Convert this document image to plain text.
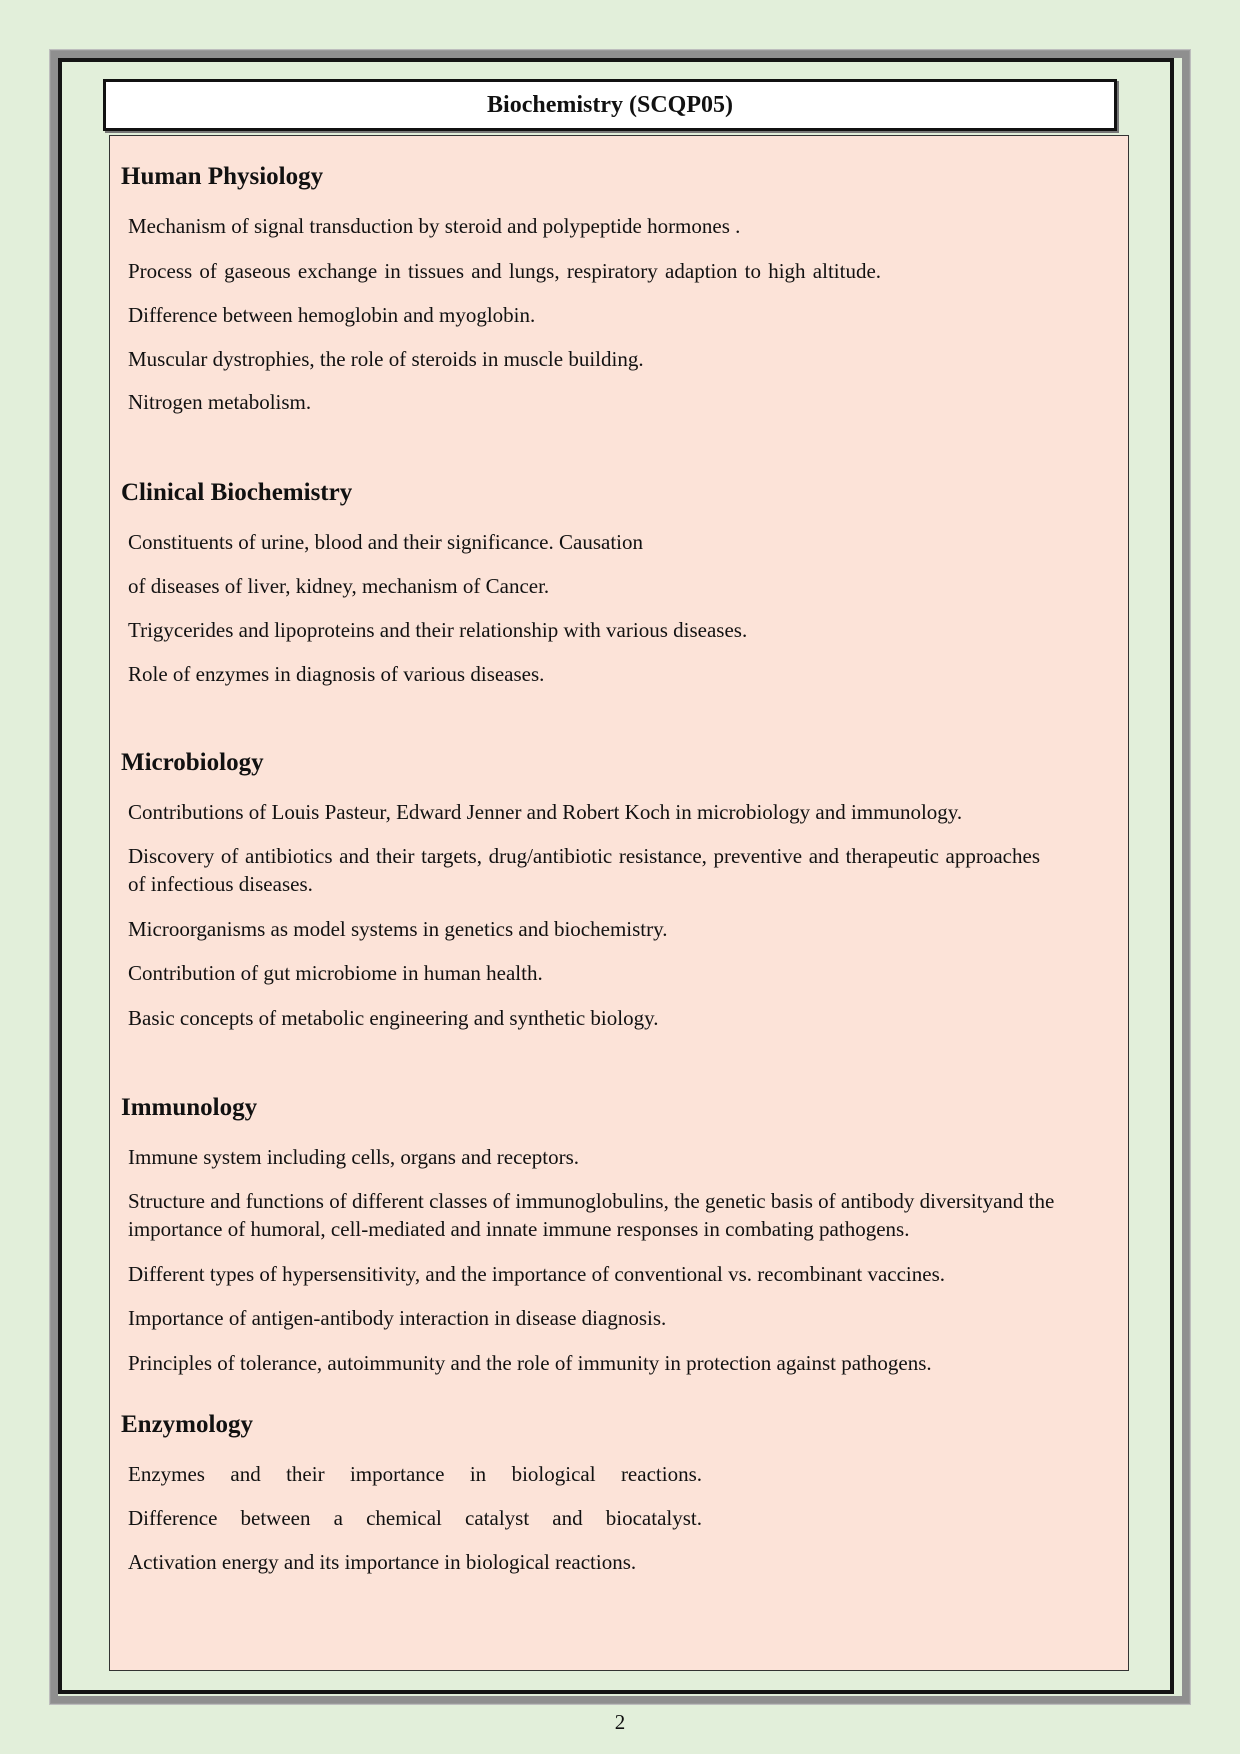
Biochemistry (SCQP05)
Human Physiology

Mechanism of signal transduction by steroid and polypeptide hormones .

Process of gaseous exchange in tissues and lungs, respiratory adaption to high altitude.

Difference between hemoglobin and myoglobin.

Muscular dystrophies, the role of steroids in muscle building.

Nitrogen metabolism.

Clinical Biochemistry

Constituents of urine, blood and their significance. Causation

of diseases of liver, kidney, mechanism of Cancer.

Trigycerides and lipoproteins and their relationship with various diseases.

Role of enzymes in diagnosis of various diseases.

Microbiology

Contributions of Louis Pasteur, Edward Jenner and Robert Koch in microbiology and immunology.

Discovery of antibiotics and their targets, drug/antibiotic resistance, preventive and therapeutic approaches of infectious diseases.

Microorganisms as model systems in genetics and biochemistry.

Contribution of gut microbiome in human health.

Basic concepts of metabolic engineering and synthetic biology.

Immunology

Immune system including cells, organs and receptors.

Structure and functions of different classes of immunoglobulins, the genetic basis of antibody diversityand the importance of humoral, cell-mediated and innate immune responses in combating pathogens.

Different types of hypersensitivity, and the importance of conventional vs. recombinant vaccines.

Importance of antigen-antibody interaction in disease diagnosis.

Principles of tolerance, autoimmunity and the role of immunity in protection against pathogens.

Enzymology

Enzymes and their importance in biological reactions.

Difference between a chemical catalyst and biocatalyst.

Activation energy and its importance in biological reactions.

2
